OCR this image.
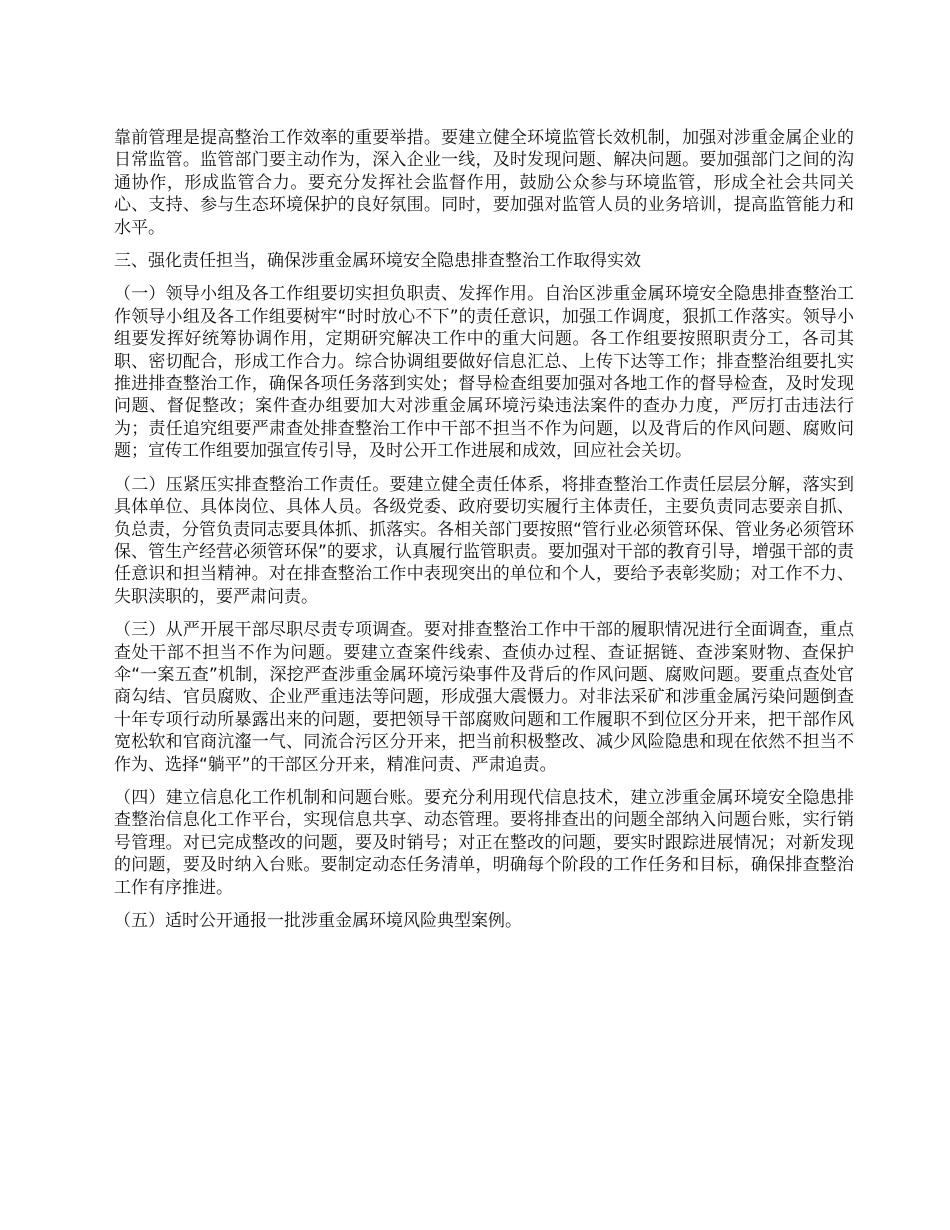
靠前管理是提高整治工作效率的重要举措。要建立健全环境监管长效机制，加强对涉重金属企业的日常监管。监管部门要主动作为，深入企业一线，及时发现问题、解决问题。要加强部门之间的沟通协作，形成监管合力。要充分发挥社会监督作用，鼓励公众参与环境监管，形成全社会共同关心、支持、参与生态环境保护的良好氛围。同时，要加强对监管人员的业务培训，提高监管能力和水平。

三、强化责任担当，确保涉重金属环境安全隐患排查整治工作取得实效

（一）领导小组及各工作组要切实担负职责、发挥作用。自治区涉重金属环境安全隐患排查整治工作领导小组及各工作组要树牢“时时放心不下”的责任意识，加强工作调度，狠抓工作落实。领导小组要发挥好统筹协调作用，定期研究解决工作中的重大问题。各工作组要按照职责分工，各司其职、密切配合，形成工作合力。综合协调组要做好信息汇总、上传下达等工作；排查整治组要扎实推进排查整治工作，确保各项任务落到实处；督导检查组要加强对各地工作的督导检查，及时发现问题、督促整改；案件查办组要加大对涉重金属环境污染违法案件的查办力度，严厉打击违法行为；责任追究组要严肃查处排查整治工作中干部不担当不作为问题，以及背后的作风问题、腐败问题；宣传工作组要加强宣传引导，及时公开工作进展和成效，回应社会关切。

（二）压紧压实排查整治工作责任。要建立健全责任体系，将排查整治工作责任层层分解，落实到具体单位、具体岗位、具体人员。各级党委、政府要切实履行主体责任，主要负责同志要亲自抓、负总责，分管负责同志要具体抓、抓落实。各相关部门要按照“管行业必须管环保、管业务必须管环保、管生产经营必须管环保”的要求，认真履行监管职责。要加强对干部的教育引导，增强干部的责任意识和担当精神。对在排查整治工作中表现突出的单位和个人，要给予表彰奖励；对工作不力、失职渎职的，要严肃问责。

（三）从严开展干部尽职尽责专项调查。要对排查整治工作中干部的履职情况进行全面调查，重点查处干部不担当不作为问题。要建立查案件线索、查侦办过程、查证据链、查涉案财物、查保护伞“一案五查”机制，深挖严查涉重金属环境污染事件及背后的作风问题、腐败问题。要重点查处官商勾结、官员腐败、企业严重违法等问题，形成强大震慑力。对非法采矿和涉重金属污染问题倒查十年专项行动所暴露出来的问题，要把领导干部腐败问题和工作履职不到位区分开来，把干部作风宽松软和官商沆瀣一气、同流合污区分开来，把当前积极整改、减少风险隐患和现在依然不担当不作为、选择“躺平”的干部区分开来，精准问责、严肃追责。

（四）建立信息化工作机制和问题台账。要充分利用现代信息技术，建立涉重金属环境安全隐患排查整治信息化工作平台，实现信息共享、动态管理。要将排查出的问题全部纳入问题台账，实行销号管理。对已完成整改的问题，要及时销号；对正在整改的问题，要实时跟踪进展情况；对新发现的问题，要及时纳入台账。要制定动态任务清单，明确每个阶段的工作任务和目标，确保排查整治工作有序推进。

（五）适时公开通报一批涉重金属环境风险典型案例。
